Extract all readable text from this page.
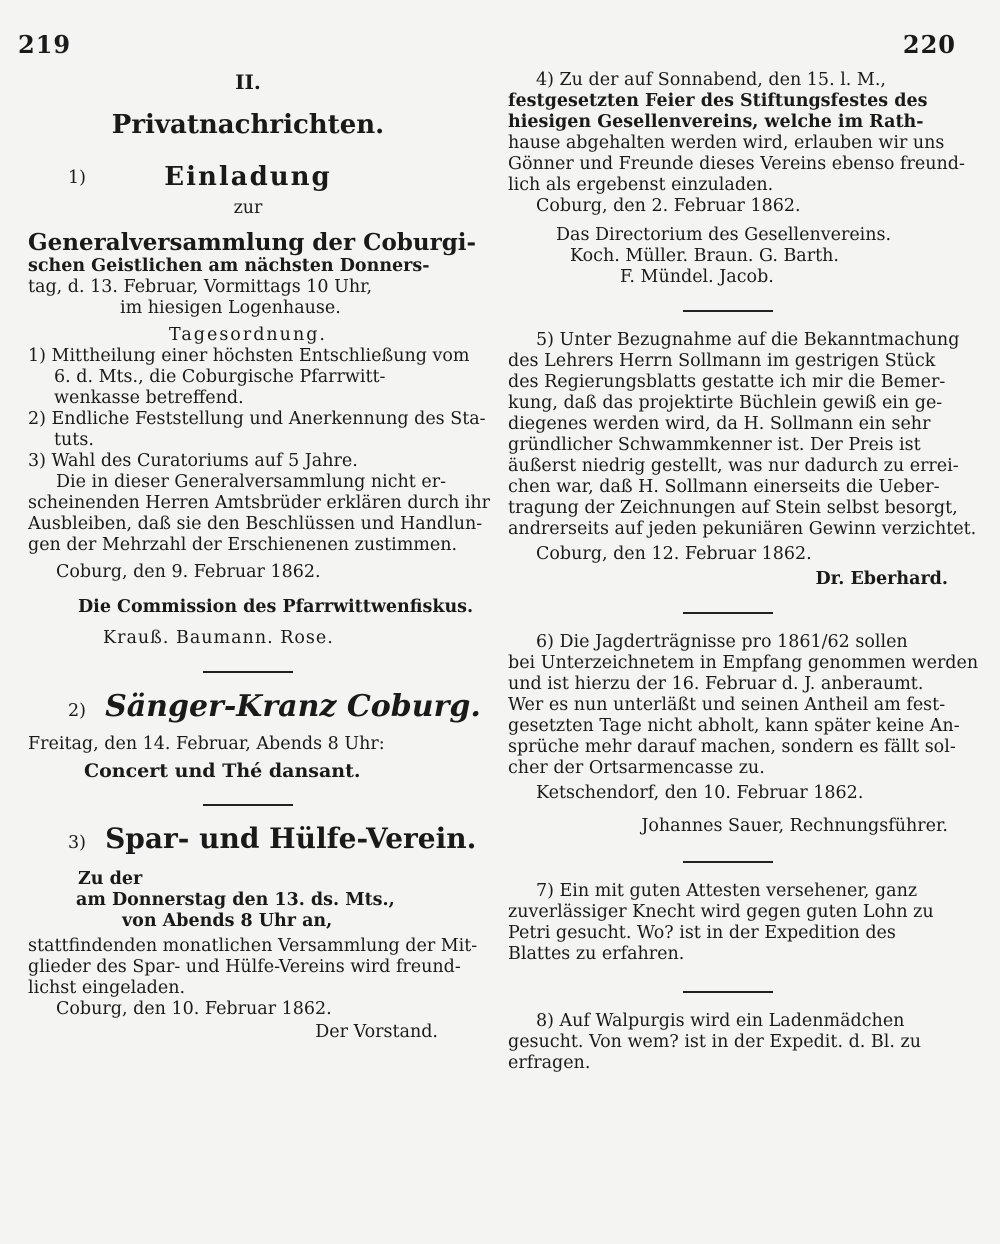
219	220
II.
Privatnachrichten.
1)	Einladung
zur
Generalversammlung der Coburgi-
schen Geistlichen am nächsten Donners-
tag, d. 13. Februar, Vormittags 10 Uhr,
im hiesigen Logenhause.
Tagesordnung.
1) Mittheilung einer höchsten Entschließung vom
6. d. Mts., die Coburgische Pfarrwitt-
wenkasse betreffend.
2) Endliche Feststellung und Anerkennung des Sta-
tuts.
3) Wahl des Curatoriums auf 5 Jahre.
Die in dieser Generalversammlung nicht er-
scheinenden Herren Amtsbrüder erklären durch ihr
Ausbleiben, daß sie den Beschlüssen und Handlun-
gen der Mehrzahl der Erschienenen zustimmen.
Coburg, den 9. Februar 1862.
Die Commission des Pfarrwittwenfiskus.
Krauß. Baumann. Rose.
2) Sänger-Kranz Coburg.
Freitag, den 14. Februar, Abends 8 Uhr:
Concert und Thé dansant.
3) Spar- und Hülfe-Verein.
Zu der
am Donnerstag den 13. ds. Mts.,
von Abends 8 Uhr an,
stattfindenden monatlichen Versammlung der Mit-
glieder des Spar- und Hülfe-Vereins wird freund-
lichst eingeladen.
Coburg, den 10. Februar 1862.
Der Vorstand.
4) Zu der auf Sonnabend, den 15. l. M.,
festgesetzten Feier des Stiftungsfestes des
hiesigen Gesellenvereins, welche im Rath-
hause abgehalten werden wird, erlauben wir uns
Gönner und Freunde dieses Vereins ebenso freund-
lich als ergebenst einzuladen.
Coburg, den 2. Februar 1862.
Das Directorium des Gesellenvereins.
Koch. Müller. Braun. G. Barth.
F. Mündel. Jacob.
5) Unter Bezugnahme auf die Bekanntmachung
des Lehrers Herrn Sollmann im gestrigen Stück
des Regierungsblatts gestatte ich mir die Bemer-
kung, daß das projektirte Büchlein gewiß ein ge-
diegenes werden wird, da H. Sollmann ein sehr
gründlicher Schwammkenner ist. Der Preis ist
äußerst niedrig gestellt, was nur dadurch zu errei-
chen war, daß H. Sollmann einerseits die Ueber-
tragung der Zeichnungen auf Stein selbst besorgt,
andrerseits auf jeden pekuniären Gewinn verzichtet.
Coburg, den 12. Februar 1862.
Dr. Eberhard.
6) Die Jagderträgnisse pro 1861/62 sollen
bei Unterzeichnetem in Empfang genommen werden
und ist hierzu der 16. Februar d. J. anberaumt.
Wer es nun unterläßt und seinen Antheil am fest-
gesetzten Tage nicht abholt, kann später keine An-
sprüche mehr darauf machen, sondern es fällt sol-
cher der Ortsarmencasse zu.
Ketschendorf, den 10. Februar 1862.
Johannes Sauer, Rechnungsführer.
7) Ein mit guten Attesten versehener, ganz
zuverlässiger Knecht wird gegen guten Lohn zu
Petri gesucht. Wo? ist in der Expedition des
Blattes zu erfahren.
8) Auf Walpurgis wird ein Ladenmädchen
gesucht. Von wem? ist in der Expedit. d. Bl. zu
erfragen.
